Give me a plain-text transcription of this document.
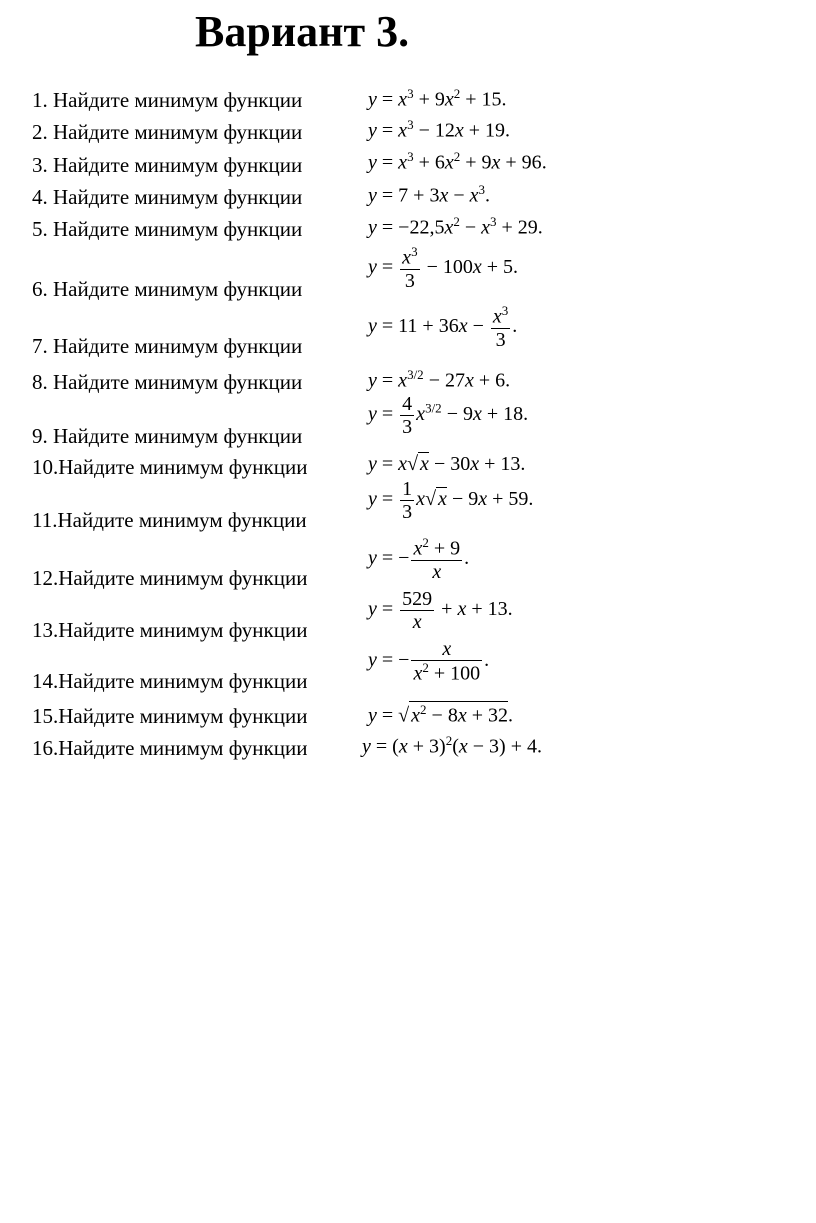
Вариант 3.
1. Найдите минимум функции	$y = x^3 + 9x^2 + 15$.
2. Найдите минимум функции	$y = x^3 - 12x + 19$.
3. Найдите минимум функции	$y = x^3 + 6x^2 + 9x + 96$.
4. Найдите минимум функции	$y = 7 + 3x - x^3$.
5. Найдите минимум функции	$y = -22,5x^2 - x^3 + 29$.
6. Найдите минимум функции
$y = \frac{x^3}{3} - 100x + 5$.
7. Найдите минимум функции
$y = 11 + 36x - \frac{x^3}{3}$ .
8. Найдите минимум функции	$y = x^{3/2} - 27x + 6$.
9. Найдите минимум функции
$y = \frac{4}{3} x^{3/2} - 9x + 18$.
10.Найдите минимум функции	y = x√ x − 30x + 13.
11.Найдите минимум функции
$y = \frac{1}{3} x√$ x − 9x + 59.
12.Найдите минимум функции
y = − $\frac{x^2 + 9}{x}$ .
13.Найдите минимум функции
$y = \frac{529}{x} + x + 13$.
14.Найдите минимум функции
y = − $\frac{x}{x^2 + 100}$ .
15.Найдите минимум функции	y = √ $x^2 - 8x + 32$.
16.Найдите минимум функции	$y = (x + 3)^2(x - 3) + 4$.
